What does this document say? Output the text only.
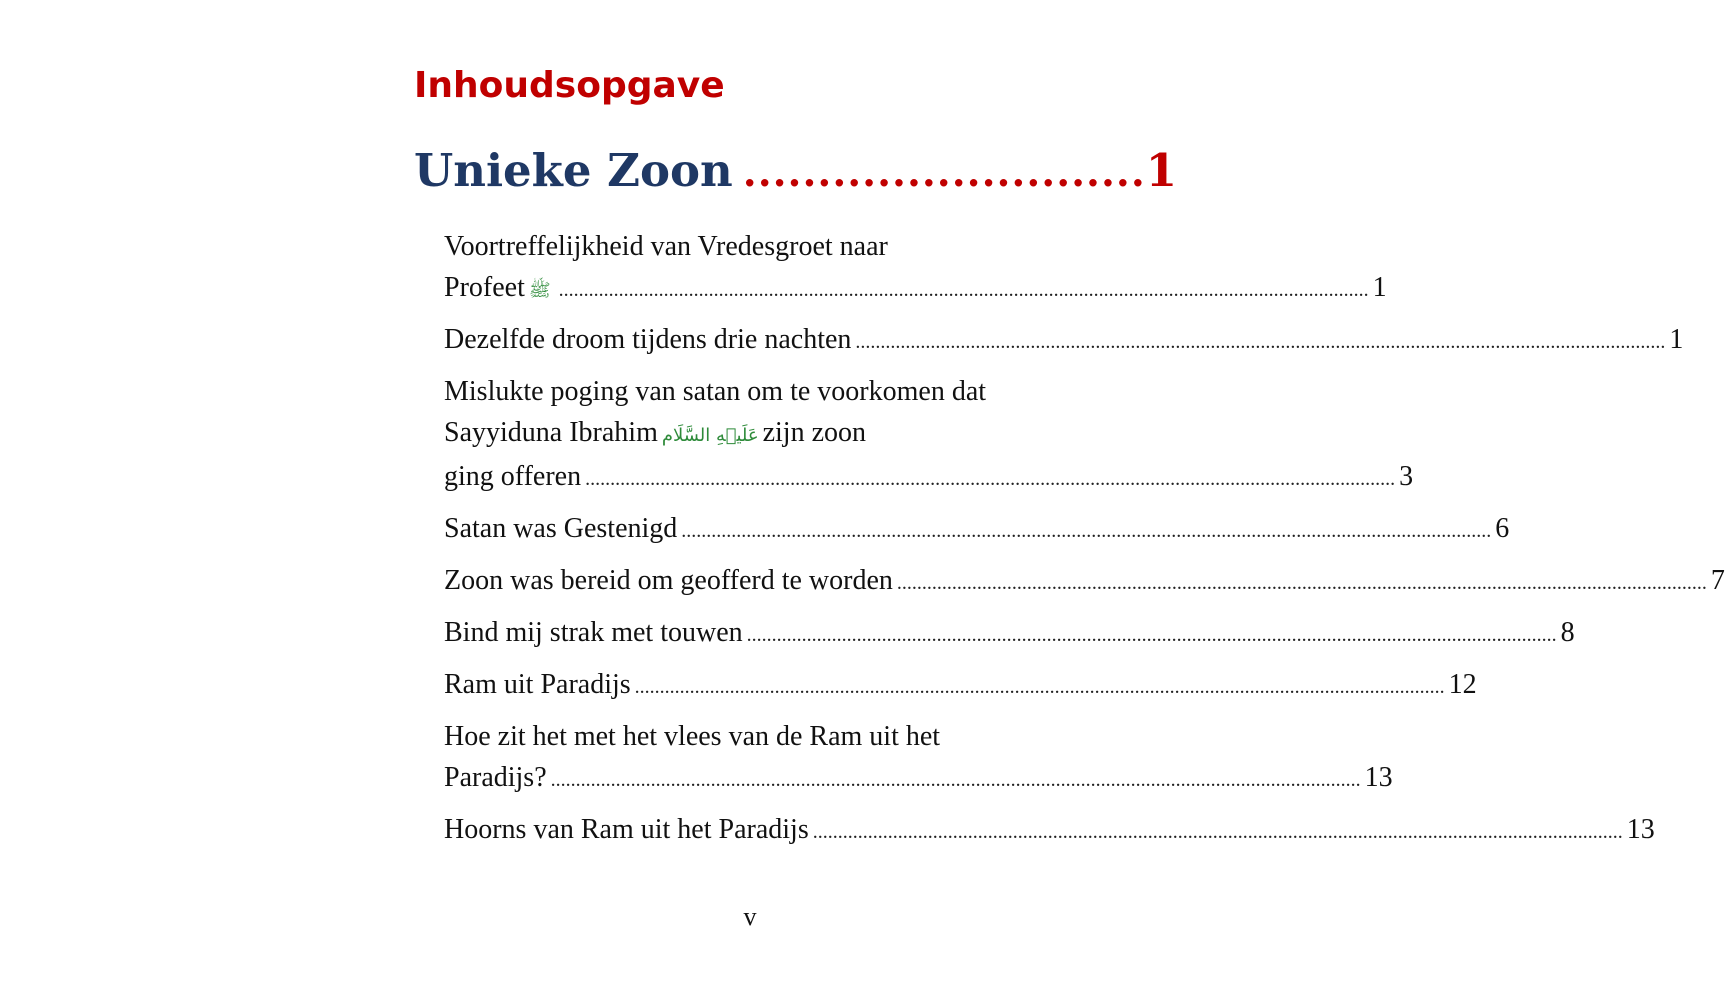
Inhoudsopgave
Unieke Zoon ........................... 1
Voortreffelijkheid van Vredesgroet naar
Profeet ﷺ .................................................................................................................................................................. 1
Dezelfde droom tijdens drie nachten .................................................................................................................................................................. 1
Mislukte poging van satan om te voorkomen dat
Sayyiduna Ibrahim عَلَيۡهِ السَّلَام zijn zoon
ging offeren .................................................................................................................................................................. 3
Satan was Gestenigd .................................................................................................................................................................. 6
Zoon was bereid om geofferd te worden .................................................................................................................................................................. 7
Bind mij strak met touwen .................................................................................................................................................................. 8
Ram uit Paradijs .................................................................................................................................................................. 12
Hoe zit het met het vlees van de Ram uit het
Paradijs? .................................................................................................................................................................. 13
Hoorns van Ram uit het Paradijs .................................................................................................................................................................. 13
v
